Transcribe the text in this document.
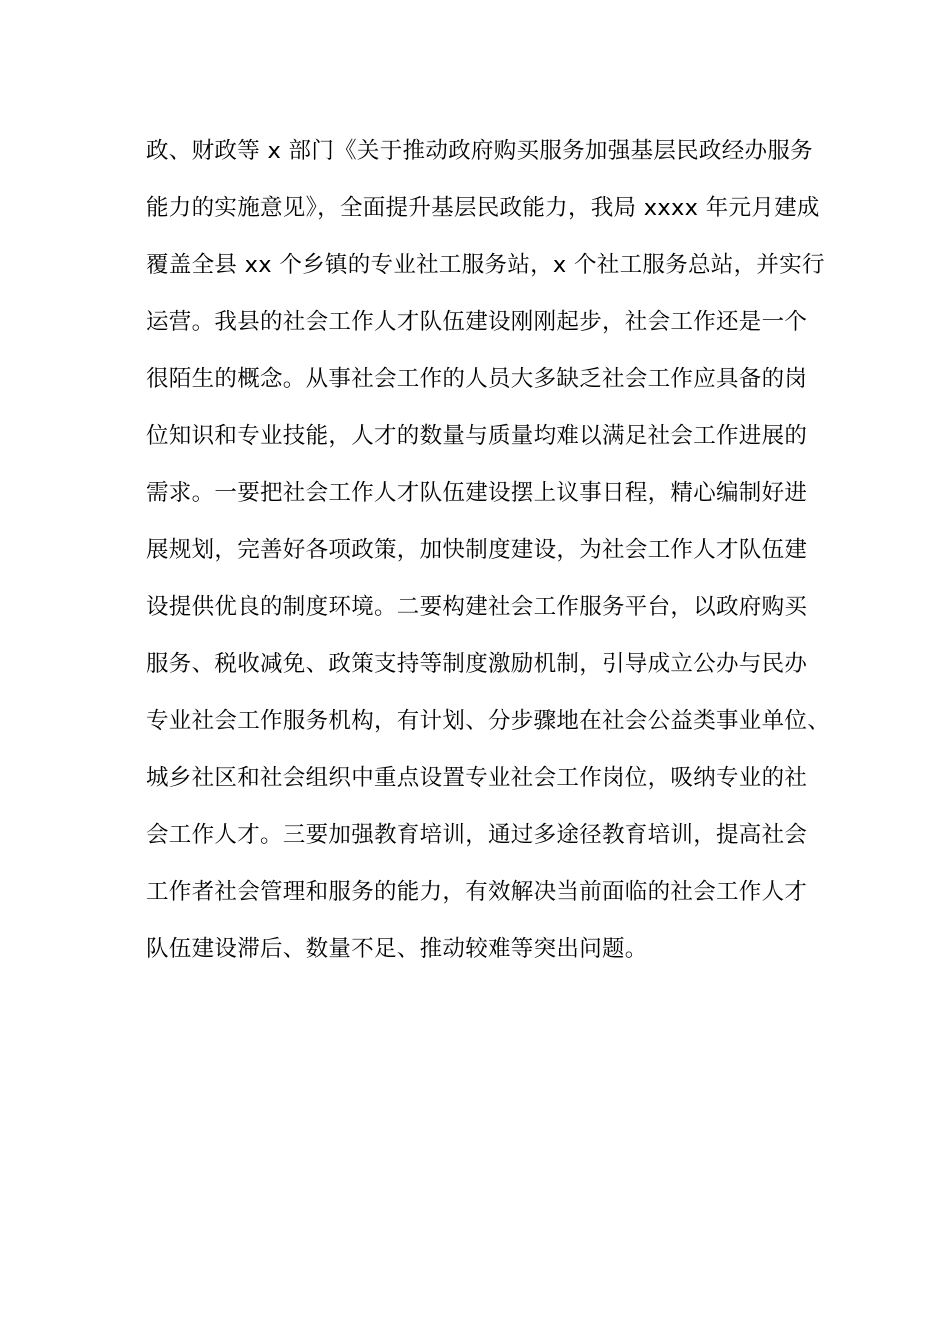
政、财政等 x 部门《关于推动政府购买服务加强基层民政经办服务
能力的实施意见》，全面提升基层民政能力，我局 xxxx 年元月建成
覆盖全县 xx 个乡镇的专业社工服务站，x 个社工服务总站，并实行
运营。我县的社会工作人才队伍建设刚刚起步，社会工作还是一个
很陌生的概念。从事社会工作的人员大多缺乏社会工作应具备的岗
位知识和专业技能，人才的数量与质量均难以满足社会工作进展的
需求。一要把社会工作人才队伍建设摆上议事日程，精心编制好进
展规划，完善好各项政策，加快制度建设，为社会工作人才队伍建
设提供优良的制度环境。二要构建社会工作服务平台，以政府购买
服务、税收减免、政策支持等制度激励机制，引导成立公办与民办
专业社会工作服务机构，有计划、分步骤地在社会公益类事业单位、
城乡社区和社会组织中重点设置专业社会工作岗位，吸纳专业的社
会工作人才。三要加强教育培训，通过多途径教育培训，提高社会
工作者社会管理和服务的能力，有效解决当前面临的社会工作人才
队伍建设滞后、数量不足、推动较难等突出问题。
